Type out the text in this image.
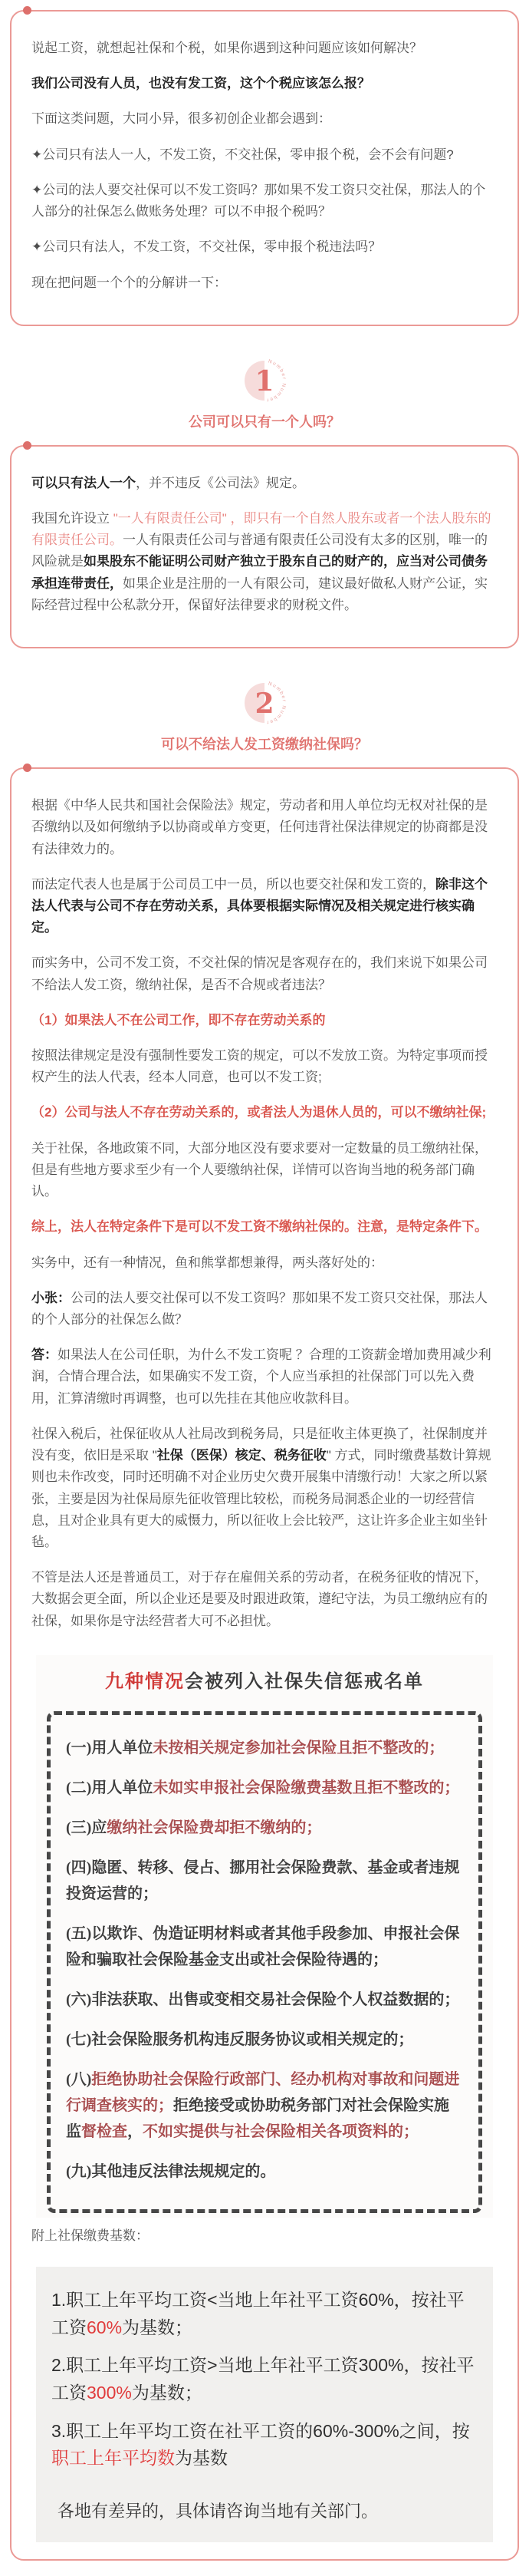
说起工资，就想起社保和个税，如果你遇到这种问题应该如何解决？

我们公司没有人员，也没有发工资，这个个税应该怎么报？

下面这类问题，大同小异，很多初创企业都会遇到：

✦公司只有法人一人，不发工资，不交社保，零申报个税，会不会有问题?

✦公司的法人要交社保可以不发工资吗？那如果不发工资只交社保，那法人的个人部分的社保怎么做账务处理？可以不申报个税吗？

✦公司只有法人，不发工资，不交社保，零申报个税违法吗？

现在把问题一个个的分解讲一下：

Number Number
1
公司可以只有一个人吗？

可以只有法人一个，并不违反《公司法》规定。

我国允许设立 "一人有限责任公司" ，即只有一个自然人股东或者一个法人股东的有限责任公司。一人有限责任公司与普通有限责任公司没有太多的区别，唯一的风险就是如果股东不能证明公司财产独立于股东自己的财产的，应当对公司债务承担连带责任，如果企业是注册的一人有限公司，建议最好做私人财产公证，实际经营过程中公私款分开，保留好法律要求的财税文件。

Number Number
2
可以不给法人发工资缴纳社保吗？

根据《中华人民共和国社会保险法》规定，劳动者和用人单位均无权对社保的是否缴纳以及如何缴纳予以协商或单方变更，任何违背社保法律规定的协商都是没有法律效力的。

而法定代表人也是属于公司员工中一员，所以也要交社保和发工资的，除非这个法人代表与公司不存在劳动关系，具体要根据实际情况及相关规定进行核实确定。

而实务中，公司不发工资，不交社保的情况是客观存在的，我们来说下如果公司不给法人发工资，缴纳社保，是否不合规或者违法？

（1）如果法人不在公司工作，即不存在劳动关系的

按照法律规定是没有强制性要发工资的规定，可以不发放工资。为特定事项而授权产生的法人代表，经本人同意，也可以不发工资;

（2）公司与法人不存在劳动关系的，或者法人为退休人员的，可以不缴纳社保;

关于社保，各地政策不同，大部分地区没有要求要对一定数量的员工缴纳社保，但是有些地方要求至少有一个人要缴纳社保，详情可以咨询当地的税务部门确认。

综上，法人在特定条件下是可以不发工资不缴纳社保的。注意，是特定条件下。

实务中，还有一种情况，鱼和熊掌都想兼得，两头落好处的：

小张：公司的法人要交社保可以不发工资吗？那如果不发工资只交社保，那法人的个人部分的社保怎么做？

答：如果法人在公司任职，为什么不发工资呢 ？合理的工资薪金增加费用减少利润，合情合理合法，如果确实不发工资，个人应当承担的社保部门可以先入费用，汇算清缴时再调整，也可以先挂在其他应收款科目。

社保入税后，社保征收从人社局改到税务局，只是征收主体更换了，社保制度并没有变，依旧是采取 "社保（医保）核定、税务征收" 方式，同时缴费基数计算规则也未作改变，同时还明确不对企业历史欠费开展集中清缴行动！大家之所以紧张，主要是因为社保局原先征收管理比较松，而税务局洞悉企业的一切经营信息，且对企业具有更大的威慑力，所以征收上会比较严，这让许多企业主如坐针毡。

不管是法人还是普通员工，对于存在雇佣关系的劳动者，在税务征收的情况下，大数据会更全面，所以企业还是要及时跟进政策，遵纪守法，为员工缴纳应有的社保，如果你是守法经营者大可不必担忧。

九种情况会被列入社保失信惩戒名单

(一)用人单位未按相关规定参加社会保险且拒不整改的；

(二)用人单位未如实申报社会保险缴费基数且拒不整改的；

(三)应缴纳社会保险费却拒不缴纳的；

(四)隐匿、转移、侵占、挪用社会保险费款、基金或者违规投资运营的；

(五)以欺诈、伪造证明材料或者其他手段参加、申报社会保险和骗取社会保险基金支出或社会保险待遇的；

(六)非法获取、出售或变相交易社会保险个人权益数据的；

(七)社会保险服务机构违反服务协议或相关规定的；

(八)拒绝协助社会保险行政部门、经办机构对事故和问题进行调查核实的；拒绝接受或协助税务部门对社会保险实施监督检查，不如实提供与社会保险相关各项资料的；

(九)其他违反法律法规规定的。

附上社保缴费基数：

1.职工上年平均工资<当地上年社平工资60%，按社平工资60%为基数；

2.职工上年平均工资>当地上年社平工资300%，按社平工资300%为基数；

3.职工上年平均工资在社平工资的60%-300%之间，按职工上年平均数为基数

各地有差异的，具体请咨询当地有关部门。
